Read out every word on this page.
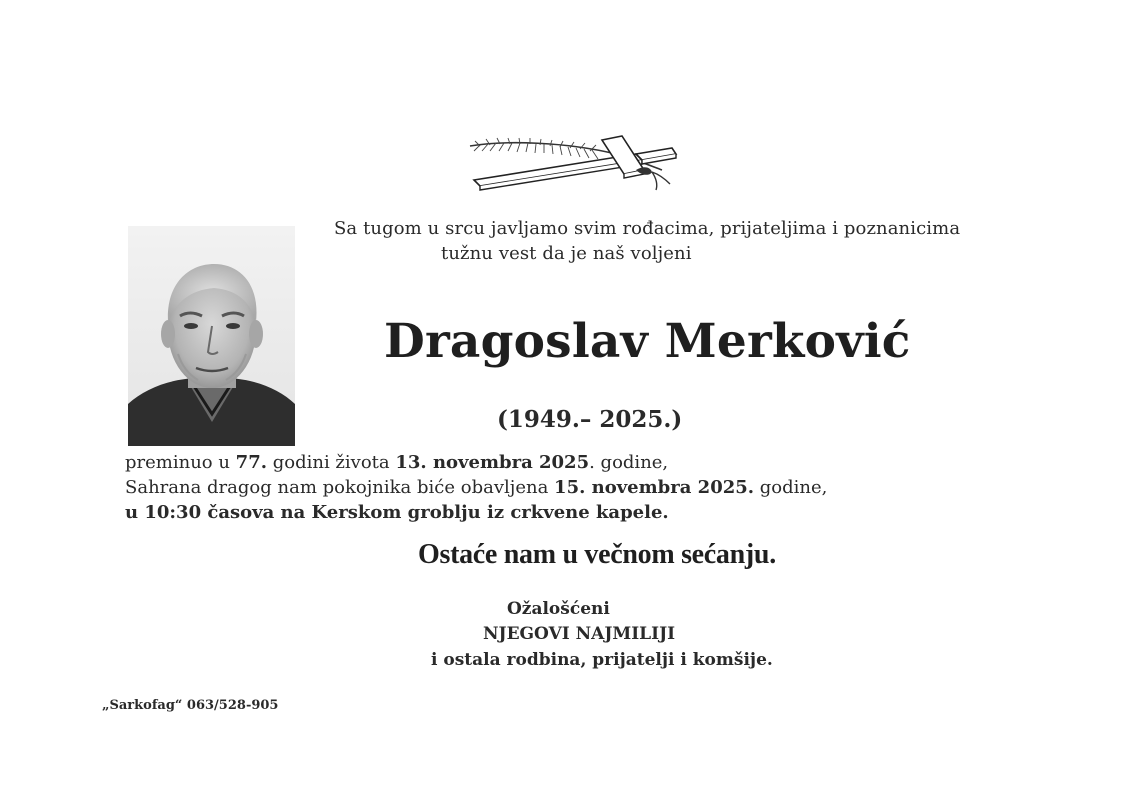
Sa tugom u srcu javljamo svim rođacima, prijateljima i poznanicima
tužnu vest da je naš voljeni
Dragoslav Merković
(1949.– 2025.)
preminuo u 77. godini života 13. novembra 2025. godine,
Sahrana dragog nam pokojnika biće obavljena 15. novembra 2025. godine,
u 10:30 časova na Kerskom groblju iz crkvene kapele.
Ostaće nam u večnom sećanju.
Ožalošćeni
NJEGOVI NAJMILIJI
i ostala rodbina, prijatelji i komšije.
„Sarkofag“ 063/528-905
